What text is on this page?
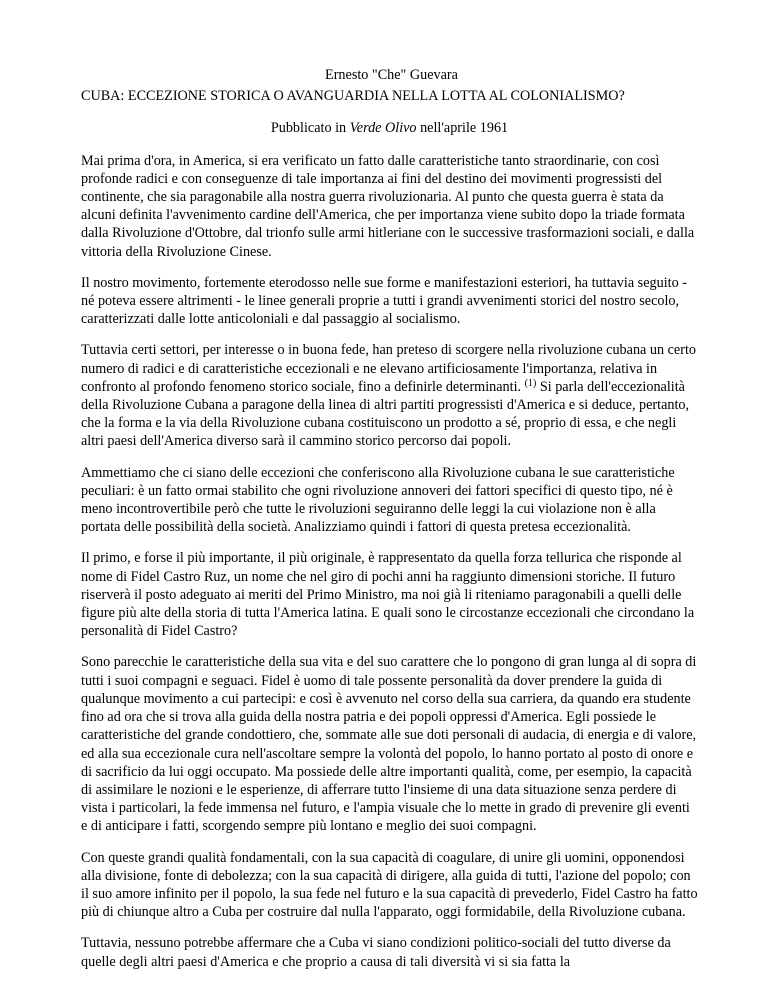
Ernesto "Che" Guevara

CUBA: ECCEZIONE STORICA O AVANGUARDIA NELLA LOTTA AL COLONIALISMO?

Pubblicato in Verde Olivo nell'aprile 1961

Mai prima d'ora, in America, si era verificato un fatto dalle caratteristiche tanto straordinarie, con così profonde radici e con conseguenze di tale importanza ai fini del destino dei movimenti progressisti del continente, che sia paragonabile alla nostra guerra rivoluzionaria. Al punto che questa guerra è stata da alcuni definita l'avvenimento cardine dell'America, che per importanza viene subito dopo la triade formata dalla Rivoluzione d'Ottobre, dal trionfo sulle armi hitleriane con le successive trasformazioni sociali, e dalla vittoria della Rivoluzione Cinese.

Il nostro movimento, fortemente eterodosso nelle sue forme e manifestazioni esteriori, ha tuttavia seguito - né poteva essere altrimenti - le linee generali proprie a tutti i grandi avvenimenti storici del nostro secolo, caratterizzati dalle lotte anticoloniali e dal passaggio al socialismo.

Tuttavia certi settori, per interesse o in buona fede, han preteso di scorgere nella rivoluzione cubana un certo numero di radici e di caratteristiche eccezionali e ne elevano artificiosamente l'importanza, relativa in confronto al profondo fenomeno storico sociale, fino a definirle determinanti. $^{(1)}$ Si parla dell'eccezionalità della Rivoluzione Cubana a paragone della linea di altri partiti progressisti d'America e si deduce, pertanto, che la forma e la via della Rivoluzione cubana costituiscono un prodotto a sé, proprio di essa, e che negli altri paesi dell'America diverso sarà il cammino storico percorso dai popoli.

Ammettiamo che ci siano delle eccezioni che conferiscono alla Rivoluzione cubana le sue caratteristiche peculiari: è un fatto ormai stabilito che ogni rivoluzione annoveri dei fattori specifici di questo tipo, né è meno incontrovertibile però che tutte le rivoluzioni seguiranno delle leggi la cui violazione non è alla portata delle possibilità della società. Analizziamo quindi i fattori di questa pretesa eccezionalità.

Il primo, e forse il più importante, il più originale, è rappresentato da quella forza tellurica che risponde al nome di Fidel Castro Ruz, un nome che nel giro di pochi anni ha raggiunto dimensioni storiche. Il futuro riserverà il posto adeguato ai meriti del Primo Ministro, ma noi già li riteniamo paragonabili a quelli delle figure più alte della storia di tutta l'America latina. E quali sono le circostanze eccezionali che circondano la personalità di Fidel Castro?

Sono parecchie le caratteristiche della sua vita e del suo carattere che lo pongono di gran lunga al di sopra di tutti i suoi compagni e seguaci. Fidel è uomo di tale possente personalità da dover prendere la guida di qualunque movimento a cui partecipi: e così è avvenuto nel corso della sua carriera, da quando era studente fino ad ora che si trova alla guida della nostra patria e dei popoli oppressi d'America. Egli possiede le caratteristiche del grande condottiero, che, sommate alle sue doti personali di audacia, di energia e di valore, ed alla sua eccezionale cura nell'ascoltare sempre la volontà del popolo, lo hanno portato al posto di onore e di sacrificio da lui oggi occupato. Ma possiede delle altre importanti qualità, come, per esempio, la capacità di assimilare le nozioni e le esperienze, di afferrare tutto l'insieme di una data situazione senza perdere di vista i particolari, la fede immensa nel futuro, e l'ampia visuale che lo mette in grado di prevenire gli eventi e di anticipare i fatti, scorgendo sempre più lontano e meglio dei suoi compagni.

Con queste grandi qualità fondamentali, con la sua capacità di coagulare, di unire gli uomini, opponendosi alla divisione, fonte di debolezza; con la sua capacità di dirigere, alla guida di tutti, l'azione del popolo; con il suo amore infinito per il popolo, la sua fede nel futuro e la sua capacità di prevederlo, Fidel Castro ha fatto più di chiunque altro a Cuba per costruire dal nulla l'apparato, oggi formidabile, della Rivoluzione cubana.

Tuttavia, nessuno potrebbe affermare che a Cuba vi siano condizioni politico-sociali del tutto diverse da quelle degli altri paesi d'America e che proprio a causa di tali diversità vi si sia fatta la
